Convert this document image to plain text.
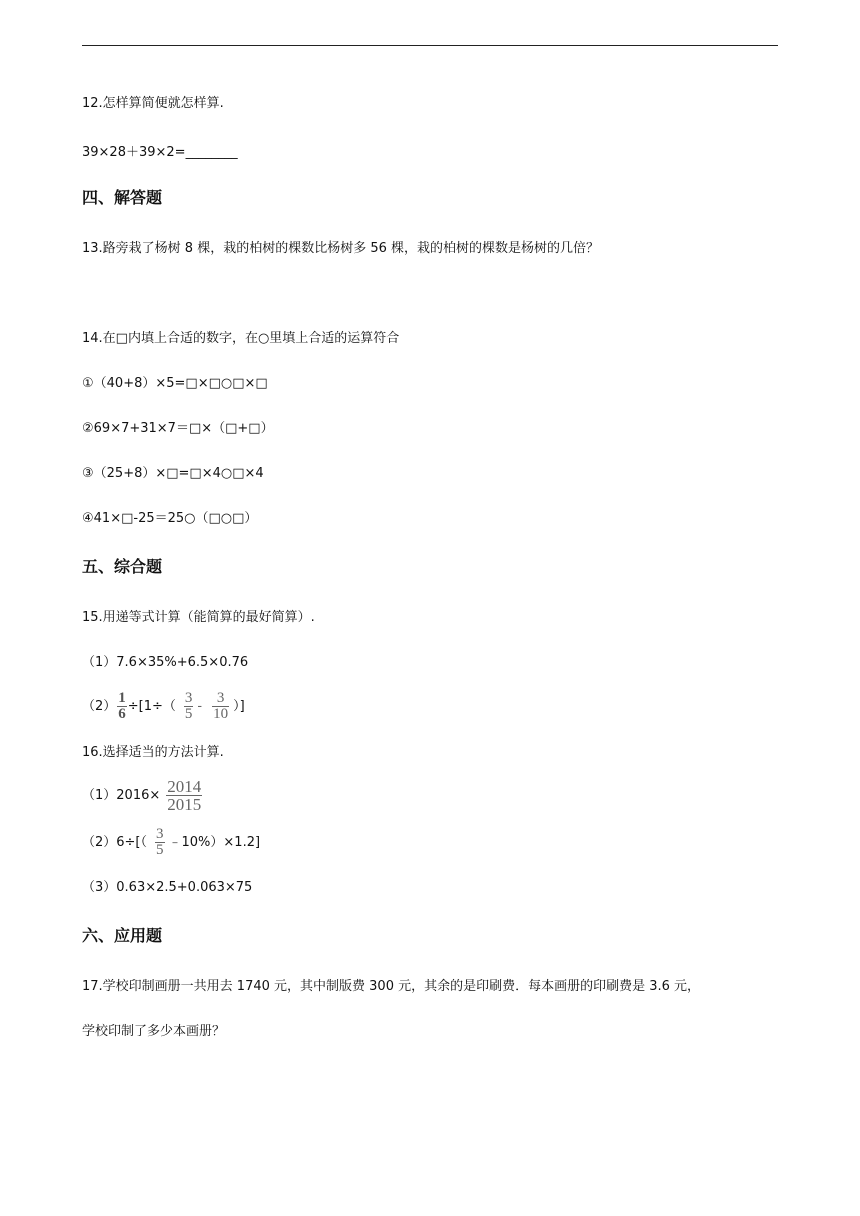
12.怎样算简便就怎样算.
39×28＋39×2=________
四、解答题
13.路旁栽了杨树 8 棵，栽的柏树的棵数比杨树多 56 棵，栽的柏树的棵数是杨树的几倍？
14.在□内填上合适的数字，在○里填上合适的运算符合
①（40+8）×5=□×□○□×□
②69×7+31×7＝□×（□+□）
③（25+8）×□=□×4○□×4
④41×□-25＝25○（□○□）
五、综合题
15.用递等式计算（能简算的最好简算）.
（1）7.6×35%+6.5×0.76
$(2) \frac{1}{6} \div[1\div( \frac{3}{5} - \frac{3}{10}$ ）]
16.选择适当的方法计算.
$(1)2016\times \frac{2014}{2015}$
$(2)6\div[( \frac{3}{5}$ ﹣10%）×1.2]
（3）0.63×2.5+0.063×75
六、应用题
17.学校印制画册一共用去 1740 元，其中制版费 300 元，其余的是印刷费．每本画册的印刷费是 3.6 元，
学校印制了多少本画册？
